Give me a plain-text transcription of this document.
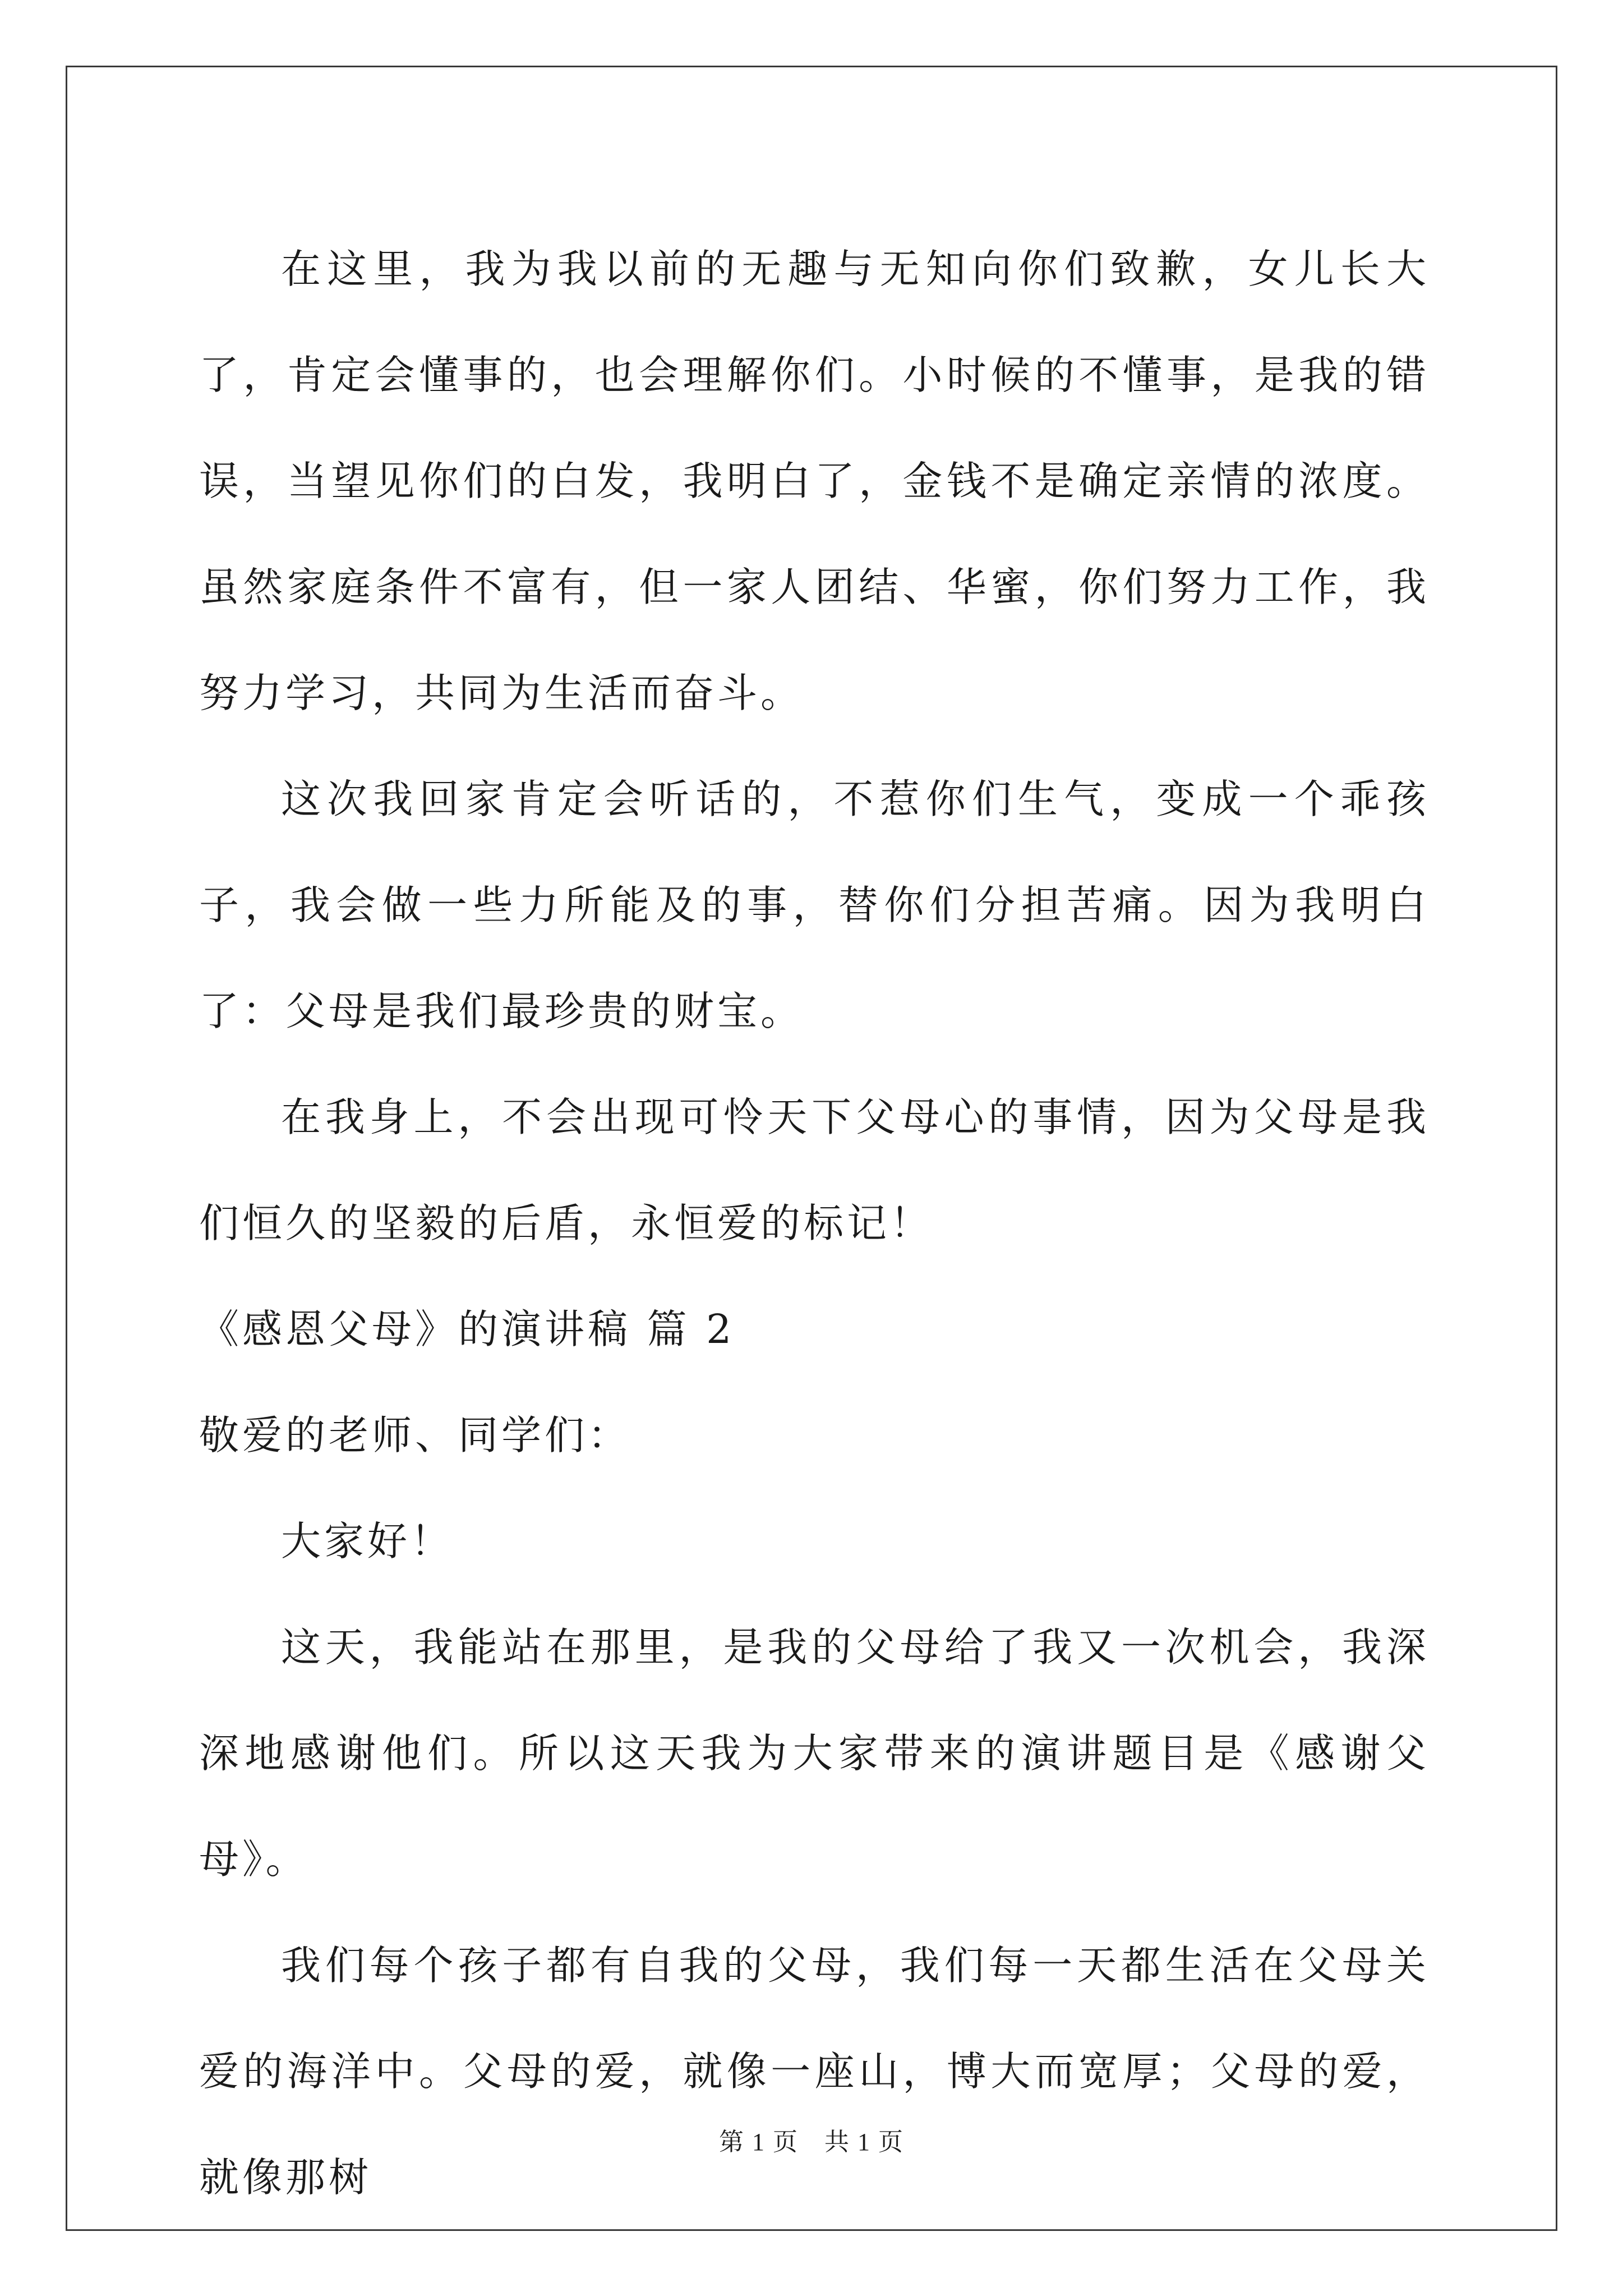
在这里，我为我以前的无趣与无知向你们致歉，女儿长大了，肯定会懂事的，也会理解你们。小时候的不懂事，是我的错误，当望见你们的白发，我明白了，金钱不是确定亲情的浓度。虽然家庭条件不富有，但一家人团结、华蜜，你们努力工作，我努力学习，共同为生活而奋斗。

这次我回家肯定会听话的，不惹你们生气，变成一个乖孩子，我会做一些力所能及的事，替你们分担苦痛。因为我明白了：父母是我们最珍贵的财宝。

在我身上，不会出现可怜天下父母心的事情，因为父母是我们恒久的坚毅的后盾，永恒爱的标记！

《感恩父母》的演讲稿 篇 2

敬爱的老师、同学们：

大家好！

这天，我能站在那里，是我的父母给了我又一次机会，我深深地感谢他们。所以这天我为大家带来的演讲题目是《感谢父母》。

我们每个孩子都有自我的父母，我们每一天都生活在父母关爱的海洋中。父母的爱，就像一座山，博大而宽厚；父母的爱，就像那树

第 1 页 共 1 页
